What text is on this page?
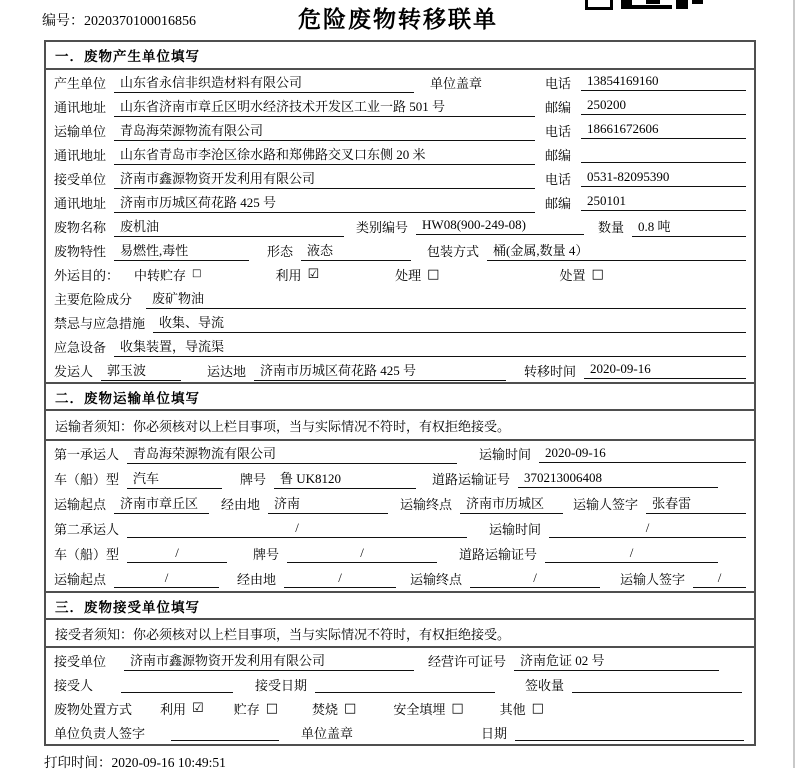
编号：2020370100016856	危险废物转移联单
一．废物产生单位填写
产生单位	山东省永信非织造材料有限公司	单位盖章	电话	13854169160
通讯地址	山东省济南市章丘区明水经济技术开发区工业一路 501 号	邮编	250200
运输单位	青岛海荣源物流有限公司	电话	18661672606
通讯地址	山东省青岛市李沧区徐水路和郑佛路交叉口东侧 20 米	邮编
接受单位	济南市鑫源物资开发利用有限公司	电话	0531-82095390
通讯地址	济南市历城区荷花路 425 号	邮编	250101
废物名称	废机油	类别编号	HW08(900-249-08)	数量	0.8 吨
废物特性	易燃性,毒性	形态	液态	包装方式	桶(金属,数量 4）
外运目的： 中转贮存 □	利用 ☑	处理 □	处置 □
主要危险成分	废矿物油
禁忌与应急措施	收集、导流
应急设备	收集装置，导流渠
发运人	郭玉波	运达地	济南市历城区荷花路 425 号	转移时间	2020-09-16
二．废物运输单位填写
运输者须知：你必须核对以上栏目事项，当与实际情况不符时，有权拒绝接受。
第一承运人	青岛海荣源物流有限公司	运输时间	2020-09-16
车（船）型	汽车	牌号	鲁 UK8120	道路运输证号	370213006408
运输起点	济南市章丘区	经由地	济南	运输终点	济南市历城区	运输人签字	张春雷
第二承运人	/	运输时间	/
车（船）型	/	牌号	/	道路运输证号	/
运输起点	/	经由地	/	运输终点	/	运输人签字	/
三．废物接受单位填写
接受者须知：你必须核对以上栏目事项，当与实际情况不符时，有权拒绝接受。
接受单位	济南市鑫源物资开发利用有限公司	经营许可证号	济南危证 02 号
接受人	接受日期	签收量
废物处置方式 利用 ☑ 贮存 □	焚烧 □	安全填埋 □	其他 □
单位负责人签字	单位盖章	日期
打印时间：2020-09-16 10:49:51
